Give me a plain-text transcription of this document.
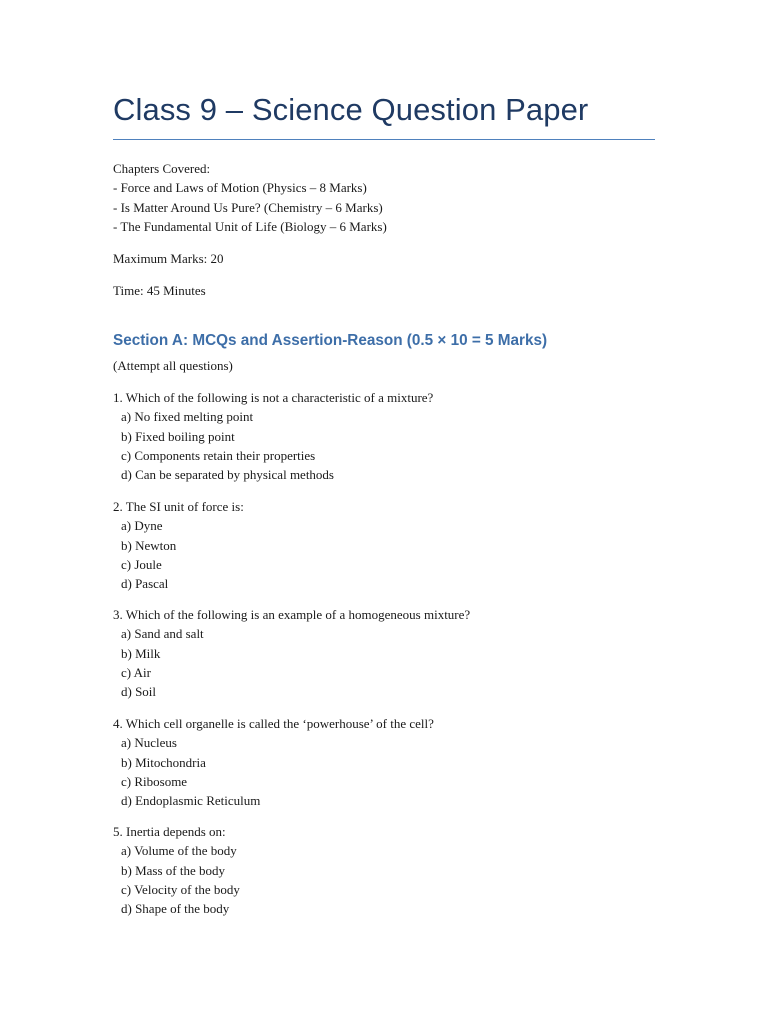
Class 9 – Science Question Paper

Chapters Covered:

- Force and Laws of Motion (Physics – 8 Marks)

- Is Matter Around Us Pure? (Chemistry – 6 Marks)

- The Fundamental Unit of Life (Biology – 6 Marks)

Maximum Marks: 20

Time: 45 Minutes

Section A: MCQs and Assertion-Reason (0.5 × 10 = 5 Marks)

(Attempt all questions)

1. Which of the following is not a characteristic of a mixture?

a) No fixed melting point

b) Fixed boiling point

c) Components retain their properties

d) Can be separated by physical methods

2. The SI unit of force is:

a) Dyne

b) Newton

c) Joule

d) Pascal

3. Which of the following is an example of a homogeneous mixture?

a) Sand and salt

b) Milk

c) Air

d) Soil

4. Which cell organelle is called the ‘powerhouse’ of the cell?

a) Nucleus

b) Mitochondria

c) Ribosome

d) Endoplasmic Reticulum

5. Inertia depends on:

a) Volume of the body

b) Mass of the body

c) Velocity of the body

d) Shape of the body
